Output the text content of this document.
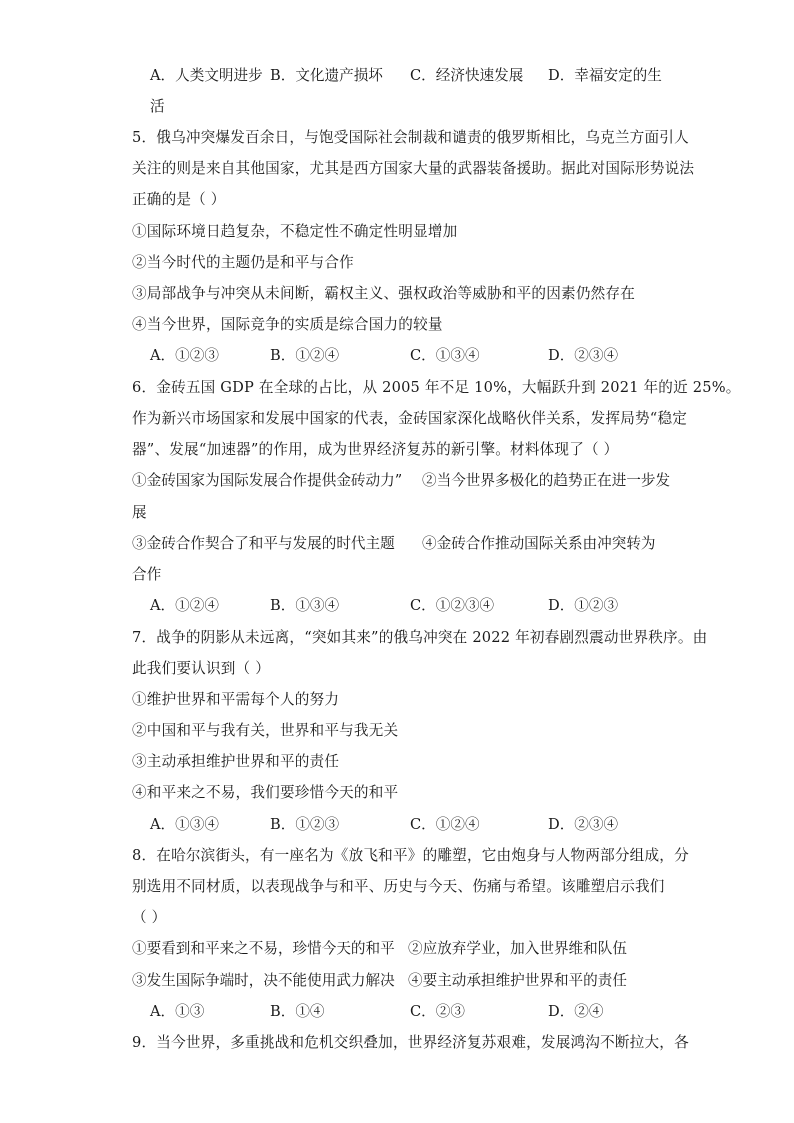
A．人类文明进步 B．文化遗产损坏 C．经济快速发展 D．幸福安定的生
活
5．俄乌冲突爆发百余日，与饱受国际社会制裁和谴责的俄罗斯相比，乌克兰方面引人
关注的则是来自其他国家，尤其是西方国家大量的武器装备援助。据此对国际形势说法
正确的是（ ）
①国际环境日趋复杂，不稳定性不确定性明显增加
②当今时代的主题仍是和平与合作
③局部战争与冲突从未间断，霸权主义、强权政治等威胁和平的因素仍然存在
④当今世界，国际竞争的实质是综合国力的较量
A．①②③	B．①②④	C．①③④	D．②③④
6．金砖五国 GDP 在全球的占比，从 2005 年不足 10%，大幅跃升到 2021 年的近 25%。
作为新兴市场国家和发展中国家的代表，金砖国家深化战略伙伴关系，发挥局势“稳定
器”、发展“加速器”的作用，成为世界经济复苏的新引擎。材料体现了（ ）
①金砖国家为国际发展合作提供金砖动力” ②当今世界多极化的趋势正在进一步发
展
③金砖合作契合了和平与发展的时代主题 ④金砖合作推动国际关系由冲突转为
合作
A．①②④	B．①③④	C．①②③④	D．①②③
7．战争的阴影从未远离，“突如其来”的俄乌冲突在 2022 年初春剧烈震动世界秩序。由
此我们要认识到（ ）
①维护世界和平需每个人的努力
②中国和平与我有关，世界和平与我无关
③主动承担维护世界和平的责任
④和平来之不易，我们要珍惜今天的和平
A．①③④	B．①②③	C．①②④	D．②③④
8．在哈尔滨街头，有一座名为《放飞和平》的雕塑，它由炮身与人物两部分组成，分
别选用不同材质，以表现战争与和平、历史与今天、伤痛与希望。该雕塑启示我们
（ ）
①要看到和平来之不易，珍惜今天的和平 ②应放弃学业，加入世界维和队伍
③发生国际争端时，决不能使用武力解决 ④要主动承担维护世界和平的责任
A．①③	B．①④	C．②③	D．②④
9．当今世界，多重挑战和危机交织叠加，世界经济复苏艰难，发展鸿沟不断拉大，各
